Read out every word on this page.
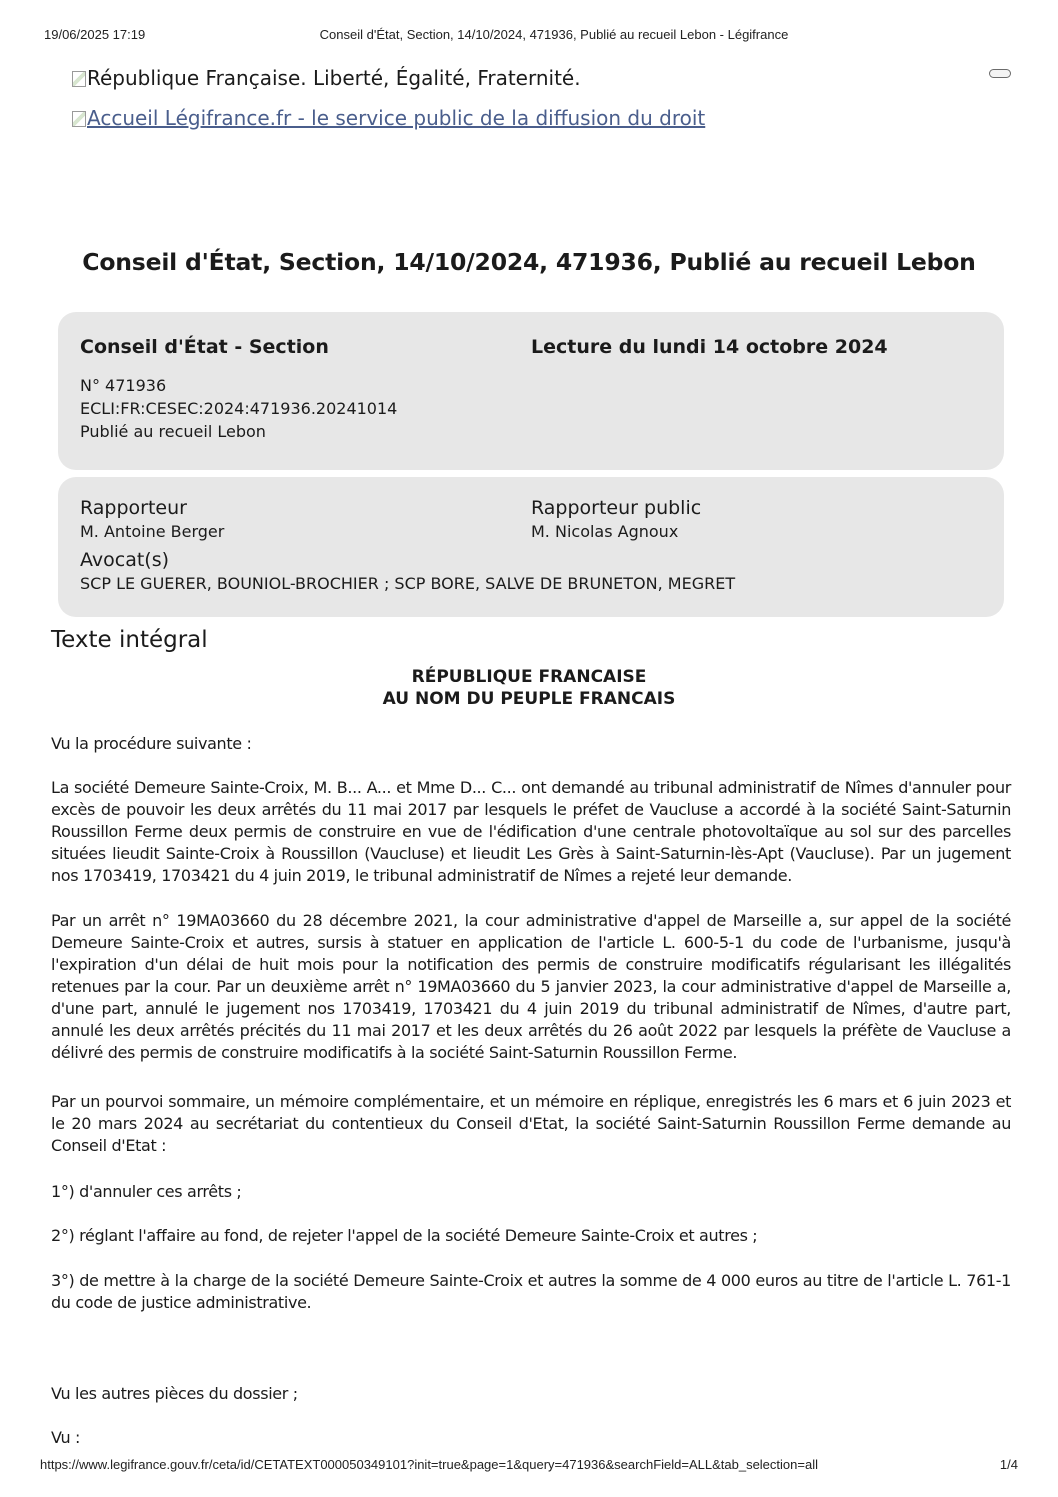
19/06/2025 17:19	Conseil d'État, Section, 14/10/2024, 471936, Publié au recueil Lebon - Légifrance
République Française. Liberté, Égalité, Fraternité.
Accueil Légifrance.fr - le service public de la diffusion du droit
Conseil d'État, Section, 14/10/2024, 471936, Publié au recueil Lebon
Conseil d'État - Section	Lecture du lundi 14 octobre 2024
N° 471936
ECLI:FR:CESEC:2024:471936.20241014
Publié au recueil Lebon
Rapporteur
M. Antoine Berger
Rapporteur public
M. Nicolas Agnoux
Avocat(s)
SCP LE GUERER, BOUNIOL-BROCHIER ; SCP BORE, SALVE DE BRUNETON, MEGRET
Texte intégral
RÉPUBLIQUE FRANCAISE
AU NOM DU PEUPLE FRANCAIS

Vu la procédure suivante :

La société Demeure Sainte-Croix, M. B... A... et Mme D... C... ont demandé au tribunal administratif de Nîmes d'annuler pour excès de pouvoir les deux arrêtés du 11 mai 2017 par lesquels le préfet de Vaucluse a accordé à la société Saint-Saturnin Roussillon Ferme deux permis de construire en vue de l'édification d'une centrale photovoltaïque au sol sur des parcelles situées lieudit Sainte-Croix à Roussillon (Vaucluse) et lieudit Les Grès à Saint-Saturnin-lès-Apt (Vaucluse). Par un jugement nos 1703419, 1703421 du 4 juin 2019, le tribunal administratif de Nîmes a rejeté leur demande.

Par un arrêt n° 19MA03660 du 28 décembre 2021, la cour administrative d'appel de Marseille a, sur appel de la société Demeure Sainte-Croix et autres, sursis à statuer en application de l'article L. 600-5-1 du code de l'urbanisme, jusqu'à l'expiration d'un délai de huit mois pour la notification des permis de construire modificatifs régularisant les illégalités retenues par la cour. Par un deuxième arrêt n° 19MA03660 du 5 janvier 2023, la cour administrative d'appel de Marseille a, d'une part, annulé le jugement nos 1703419, 1703421 du 4 juin 2019 du tribunal administratif de Nîmes, d'autre part, annulé les deux arrêtés précités du 11 mai 2017 et les deux arrêtés du 26 août 2022 par lesquels la préfète de Vaucluse a délivré des permis de construire modificatifs à la société Saint-Saturnin Roussillon Ferme.

Par un pourvoi sommaire, un mémoire complémentaire, et un mémoire en réplique, enregistrés les 6 mars et 6 juin 2023 et le 20 mars 2024 au secrétariat du contentieux du Conseil d'Etat, la société Saint-Saturnin Roussillon Ferme demande au Conseil d'Etat :

1°) d'annuler ces arrêts ;

2°) réglant l'affaire au fond, de rejeter l'appel de la société Demeure Sainte-Croix et autres ;

3°) de mettre à la charge de la société Demeure Sainte-Croix et autres la somme de 4 000 euros au titre de l'article L. 761-1 du code de justice administrative.

Vu les autres pièces du dossier ;

Vu :

https://www.legifrance.gouv.fr/ceta/id/CETATEXT000050349101?init=true&page=1&query=471936&searchField=ALL&tab_selection=all	1/4
